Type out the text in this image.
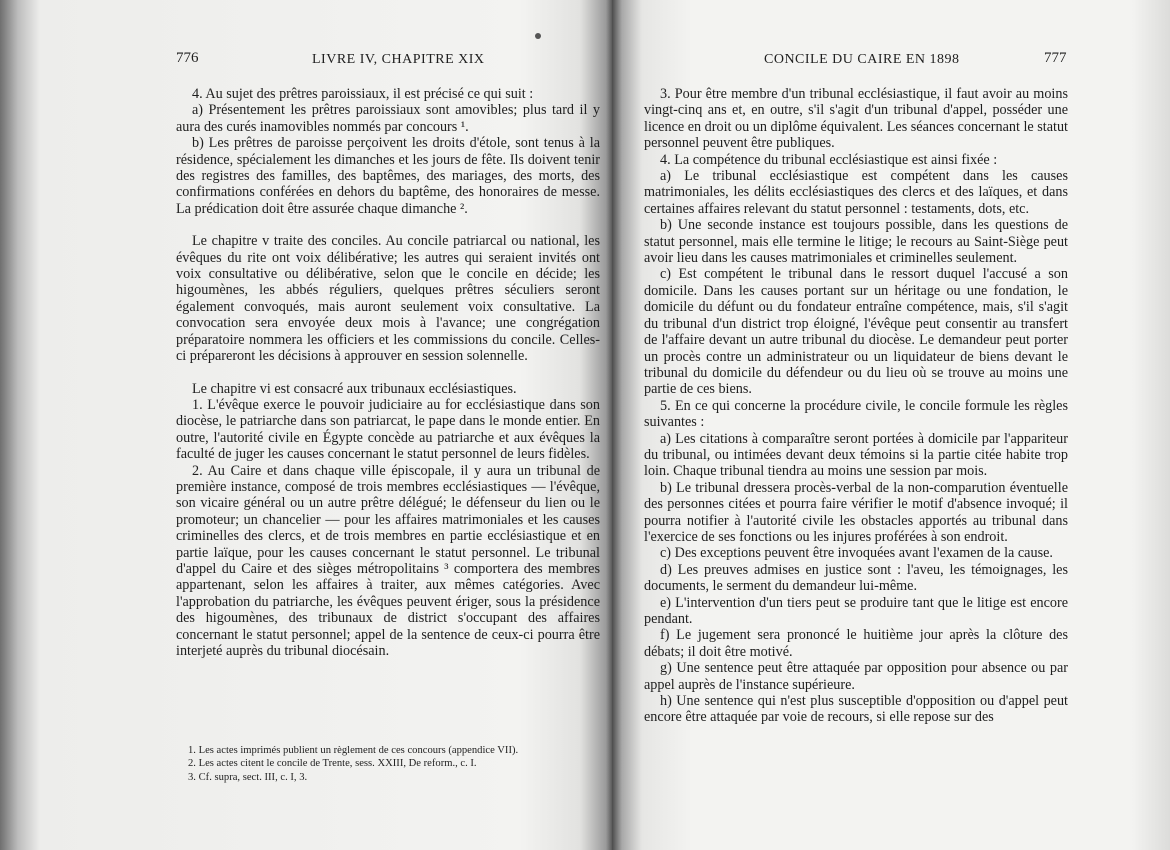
776	LIVRE IV, CHAPITRE XIX

4. Au sujet des prêtres paroissiaux, il est précisé ce qui suit :

a) Présentement les prêtres paroissiaux sont amovibles; plus tard il y aura des curés inamovibles nommés par concours ¹.

b) Les prêtres de paroisse perçoivent les droits d'étole, sont tenus à la résidence, spécialement les dimanches et les jours de fête. Ils doivent tenir des registres des familles, des baptêmes, des mariages, des morts, des confirmations conférées en dehors du baptême, des honoraires de messe. La prédication doit être assurée chaque dimanche ².

Le chapitre v traite des conciles. Au concile patriarcal ou national, les évêques du rite ont voix délibérative; les autres qui seraient invités ont voix consultative ou délibérative, selon que le concile en décide; les higoumènes, les abbés réguliers, quelques prêtres séculiers seront également convoqués, mais auront seulement voix consultative. La convocation sera envoyée deux mois à l'avance; une congrégation préparatoire nommera les officiers et les commissions du concile. Celles-ci prépareront les décisions à approuver en session solennelle.

Le chapitre vi est consacré aux tribunaux ecclésiastiques.

1. L'évêque exerce le pouvoir judiciaire au for ecclésiastique dans son diocèse, le patriarche dans son patriarcat, le pape dans le monde entier. En outre, l'autorité civile en Égypte concède au patriarche et aux évêques la faculté de juger les causes concernant le statut personnel de leurs fidèles.

2. Au Caire et dans chaque ville épiscopale, il y aura un tribunal de première instance, composé de trois membres ecclésiastiques — l'évêque, son vicaire général ou un autre prêtre délégué; le défenseur du lien ou le promoteur; un chancelier — pour les affaires matrimoniales et les causes criminelles des clercs, et de trois membres en partie ecclésiastique et en partie laïque, pour les causes concernant le statut personnel. Le tribunal d'appel du Caire et des sièges métropolitains ³ comportera des membres appartenant, selon les affaires à traiter, aux mêmes catégories. Avec l'approbation du patriarche, les évêques peuvent ériger, sous la présidence des higoumènes, des tribunaux de district s'occupant des affaires concernant le statut personnel; appel de la sentence de ceux-ci pourra être interjeté auprès du tribunal diocésain.

1. Les actes imprimés publient un règlement de ces concours (appendice VII).

2. Les actes citent le concile de Trente, sess. XXIII, De reform., c. I.

3. Cf. supra, sect. III, c. I, 3.

CONCILE DU CAIRE EN 1898	777

3. Pour être membre d'un tribunal ecclésiastique, il faut avoir au moins vingt-cinq ans et, en outre, s'il s'agit d'un tribunal d'appel, posséder une licence en droit ou un diplôme équivalent. Les séances concernant le statut personnel peuvent être publiques.

4. La compétence du tribunal ecclésiastique est ainsi fixée :

a) Le tribunal ecclésiastique est compétent dans les causes matrimoniales, les délits ecclésiastiques des clercs et des laïques, et dans certaines affaires relevant du statut personnel : testaments, dots, etc.

b) Une seconde instance est toujours possible, dans les questions de statut personnel, mais elle termine le litige; le recours au Saint-Siège peut avoir lieu dans les causes matrimoniales et criminelles seulement.

c) Est compétent le tribunal dans le ressort duquel l'accusé a son domicile. Dans les causes portant sur un héritage ou une fondation, le domicile du défunt ou du fondateur entraîne compétence, mais, s'il s'agit du tribunal d'un district trop éloigné, l'évêque peut consentir au transfert de l'affaire devant un autre tribunal du diocèse. Le demandeur peut porter un procès contre un administrateur ou un liquidateur de biens devant le tribunal du domicile du défendeur ou du lieu où se trouve au moins une partie de ces biens.

5. En ce qui concerne la procédure civile, le concile formule les règles suivantes :

a) Les citations à comparaître seront portées à domicile par l'appariteur du tribunal, ou intimées devant deux témoins si la partie citée habite trop loin. Chaque tribunal tiendra au moins une session par mois.

b) Le tribunal dressera procès-verbal de la non-comparution éventuelle des personnes citées et pourra faire vérifier le motif d'absence invoqué; il pourra notifier à l'autorité civile les obstacles apportés au tribunal dans l'exercice de ses fonctions ou les injures proférées à son endroit.

c) Des exceptions peuvent être invoquées avant l'examen de la cause.

d) Les preuves admises en justice sont : l'aveu, les témoignages, les documents, le serment du demandeur lui-même.

e) L'intervention d'un tiers peut se produire tant que le litige est encore pendant.

f) Le jugement sera prononcé le huitième jour après la clôture des débats; il doit être motivé.

g) Une sentence peut être attaquée par opposition pour absence ou par appel auprès de l'instance supérieure.

h) Une sentence qui n'est plus susceptible d'opposition ou d'appel peut encore être attaquée par voie de recours, si elle repose sur des
